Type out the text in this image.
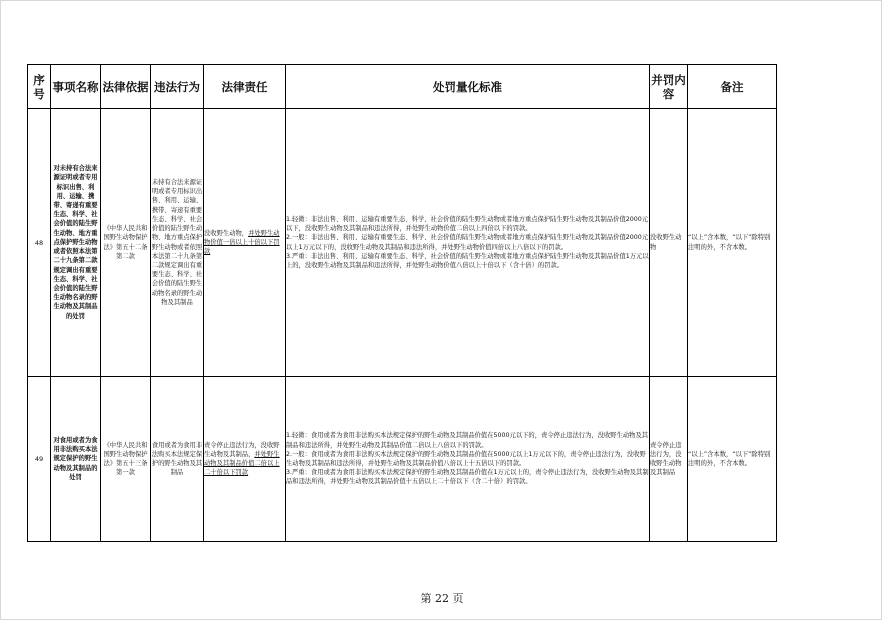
序号	事项名称	法律依据	违法行为	法律责任	处罚量化标准	并罚内容	备注
48	对未持有合法来源证明或者专用标识出售、利用、运输、携带、寄递有重要生态、科学、社会价值的陆生野生动物、地方重点保护野生动物或者依照本法第二十九条第二款规定调出有重要生态、科学、社会价值的陆生野生动物名录的野生动物及其制品的处罚	《中华人民共和国野生动物保护法》第五十二条第二款	未持有合法来源证明或者专用标识出售、利用、运输、携带、寄递有重要生态、科学、社会价值的陆生野生动物、地方重点保护野生动物或者依照本法第二十九条第二款规定调出有重要生态、科学、社会价值的陆生野生动物名录的野生动物及其制品	没收野生动物，并处野生动物价值一倍以上十倍以下罚款	1.轻微：非法出售、利用、运输有重要生态、科学、社会价值的陆生野生动物或者地方重点保护陆生野生动物及其制品价值2000元以下，没收野生动物及其制品和违法所得，并处野生动物价值二倍以上四倍以下的罚款。
2.一般：非法出售、利用、运输有重要生态、科学、社会价值的陆生野生动物或者地方重点保护陆生野生动物及其制品价值2000元以上1万元以下的，没收野生动物及其制品和违法所得，并处野生动物价值四倍以上八倍以下的罚款。
3.严重：非法出售、利用、运输有重要生态、科学、社会价值的陆生野生动物或者地方重点保护陆生野生动物及其制品价值1万元以上的，没收野生动物及其制品和违法所得，并处野生动物价值八倍以上十倍以下（含十倍）的罚款。	没收野生动物	“以上”含本数，“以下”除特别注明的外，不含本数。
49	对食用或者为食用非法购买本法规定保护的野生动物及其制品的处罚	《中华人民共和国野生动物保护法》第五十三条第一款	食用或者为食用非法购买本法规定保护的野生动物及其制品	责令停止违法行为，没收野生动物及其制品，并处野生动物及其制品价值二倍以上二十倍以下罚款	1.轻微：食用或者为食用非法购买本法规定保护的野生动物及其制品价值在5000元以下的，责令停止违法行为，没收野生动物及其制品和违法所得，并处野生动物及其制品价值二倍以上八倍以下的罚款。
2.一般：食用或者为食用非法购买本法规定保护的野生动物及其制品价值在5000元以上1万元以下的，责令停止违法行为，没收野生动物及其制品和违法所得，并处野生动物及其制品价值八倍以上十五倍以下的罚款。
3.严重：食用或者为食用非法购买本法规定保护的野生动物及其制品价值在1万元以上的，责令停止违法行为，没收野生动物及其制品和违法所得，并处野生动物及其制品价值十五倍以上二十倍以下（含二十倍）的罚款。	责令停止违法行为，没收野生动物及其制品	“以上”含本数，“以下”除特别注明的外，不含本数。
第 22 页
